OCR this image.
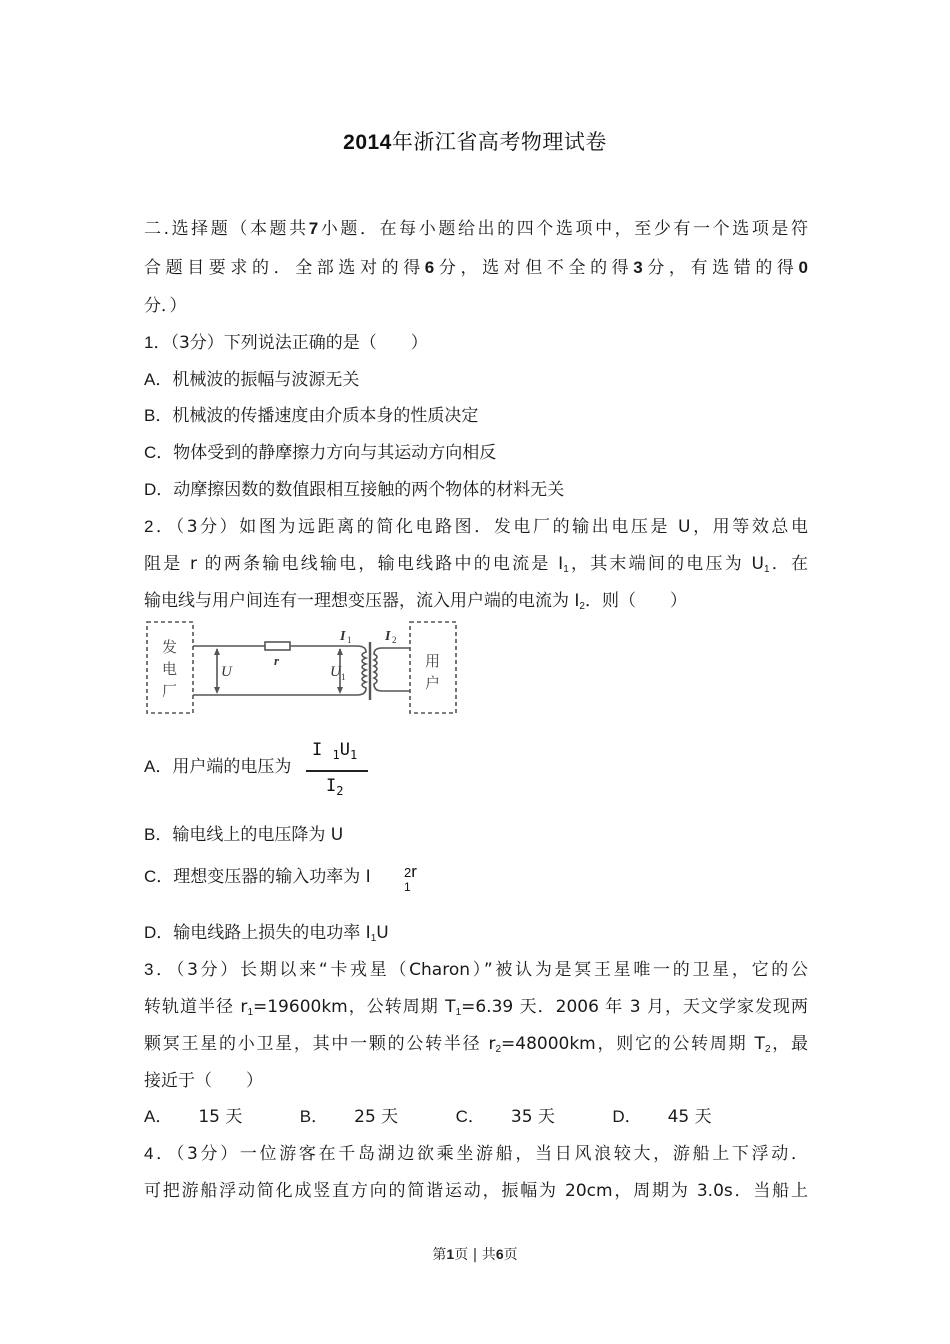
2014年浙江省高考物理试卷
二.选择题（本题共7小题．在每小题给出的四个选项中，至少有一个选项是符
合题目要求的．全部选对的得6分，选对但不全的得3分，有选错的得0
分．）
1．（3分）下列说法正确的是（　　）
A．机械波的振幅与波源无关
B．机械波的传播速度由介质本身的性质决定
C．物体受到的静摩擦力方向与其运动方向相反
D．动摩擦因数的数值跟相互接触的两个物体的材料无关
2．（3分）如图为远距离的简化电路图．发电厂的输出电压是 U，用等效总电
阻是 r 的两条输电线输电，输电线路中的电流是 $I_1$，其末端间的电压为 $U_1$．在
输电线与用户间连有一理想变压器，流入用户端的电流为 $I_2$．则（　　）
U
r
U 1
I 1 I 2
发
电
厂
用
户
A．用户端的电压为
I $_1U_1$
$I_2$
B．输电线上的电压降为 U
C．理想变压器的输入功率为 I	2r
1
D．输电线路上损失的电功率 $I_1U$
3．（3分）长期以来“卡戎星（Charon）”被认为是冥王星唯一的卫星，它的公
转轨道半径 $r_1=19600km$，公转周期 $T_1=6.39$ 天．2006 年 3 月，天文学家发现两
颗冥王星的小卫星，其中一颗的公转半径 $r_2=48000km$，则它的公转周期 $T_2$，最
接近于（　　）
A． 15 天	B． 25 天	C． 35 天	D． 45 天
4．（3分）一位游客在千岛湖边欲乘坐游船，当日风浪较大，游船上下浮动．
可把游船浮动简化成竖直方向的简谐运动，振幅为 20cm，周期为 3.0s．当船上
第1页 | 共6页
